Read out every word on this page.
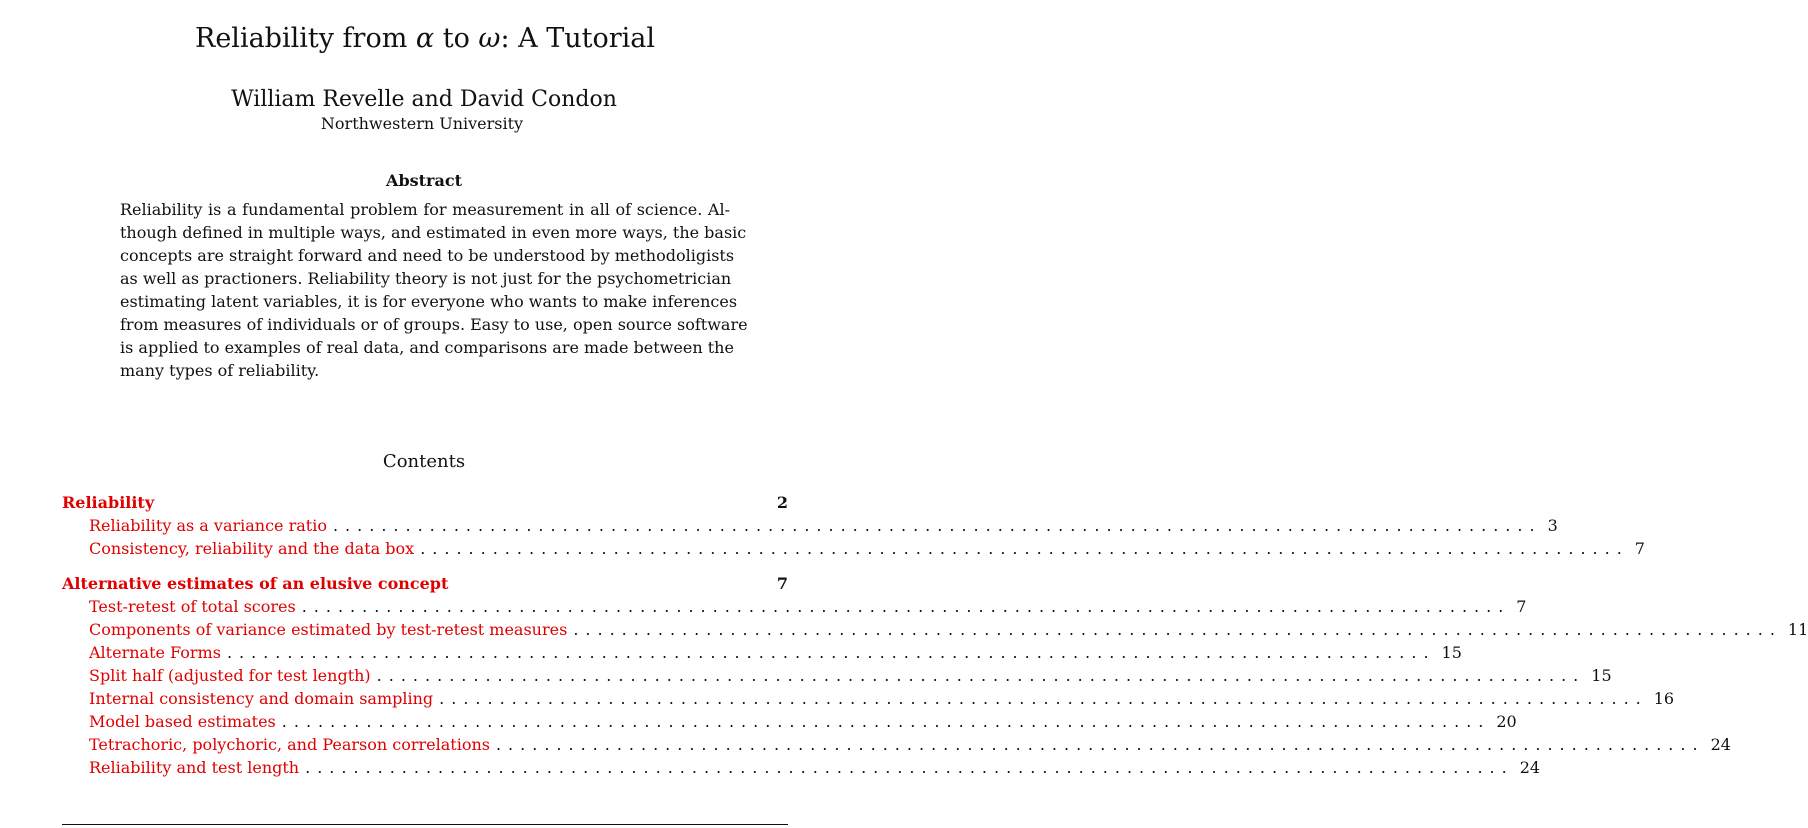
Reliability from α to ω: A Tutorial
William Revelle and David Condon
Northwestern University
Abstract
Reliability is a fundamental problem for measurement in all of science. Al-
though defined in multiple ways, and estimated in even more ways, the basic
concepts are straight forward and need to be understood by methodoligists
as well as practioners. Reliability theory is not just for the psychometrician
estimating latent variables, it is for everyone who wants to make inferences
from measures of individuals or of groups. Easy to use, open source software
is applied to examples of real data, and comparisons are made between the
many types of reliability.
Contents
Reliability	2
Reliability as a variance ratio .................................................................................................... 3
Consistency, reliability and the data box .................................................................................................... 7
Alternative estimates of an elusive concept	7
Test-retest of total scores .................................................................................................... 7
Components of variance estimated by test-retest measures .................................................................................................... 11
Alternate Forms .................................................................................................... 15
Split half (adjusted for test length) .................................................................................................... 15
Internal consistency and domain sampling .................................................................................................... 16
Model based estimates .................................................................................................... 20
Tetrachoric, polychoric, and Pearson correlations .................................................................................................... 24
Reliability and test length .................................................................................................... 24
